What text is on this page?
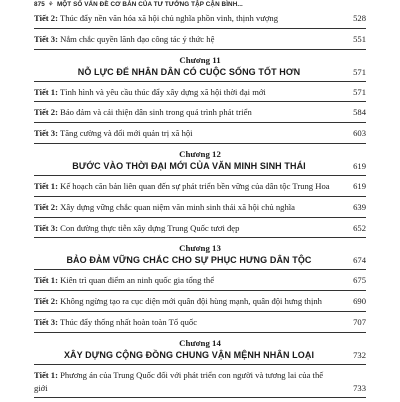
875 ⚘ MỘT SỐ VẤN ĐỀ CƠ BẢN CỦA TƯ TƯỞNG TẬP CẬN BÌNH...
Tiết 2: Thúc đẩy nền văn hóa xã hội chủ nghĩa phồn vinh, thịnh vượng	528
Tiết 3: Nắm chắc quyền lãnh đạo công tác ý thức hệ	551
Chương 11
NỖ LỰC ĐỂ NHÂN DÂN CÓ CUỘC SỐNG TỐT HƠN	571
Tiết 1: Tình hình và yêu cầu thúc đẩy xây dựng xã hội thời đại mới	571
Tiết 2: Bảo đảm và cải thiện dân sinh trong quá trình phát triển	584
Tiết 3: Tăng cường và đổi mới quản trị xã hội	603
Chương 12
BƯỚC VÀO THỜI ĐẠI MỚI CỦA VĂN MINH SINH THÁI	619
Tiết 1: Kế hoạch căn bản liên quan đến sự phát triển bền vững của dân tộc Trung Hoa	619
Tiết 2: Xây dựng vững chắc quan niệm văn minh sinh thái xã hội chủ nghĩa	639
Tiết 3: Con đường thực tiễn xây dựng Trung Quốc tươi đẹp	652
Chương 13
BẢO ĐẢM VỮNG CHẮC CHO SỰ PHỤC HƯNG DÂN TỘC	674
Tiết 1: Kiên trì quan điểm an ninh quốc gia tổng thể	675
Tiết 2: Không ngừng tạo ra cục diện mới quân đội hùng mạnh, quân đội hưng thịnh	690
Tiết 3: Thúc đẩy thống nhất hoàn toàn Tổ quốc	707
Chương 14
XÂY DỰNG CỘNG ĐỒNG CHUNG VẬN MỆNH NHÂN LOẠI	732
Tiết 1: Phương án của Trung Quốc đối với phát triển con người và tương lai của thế giới	733
